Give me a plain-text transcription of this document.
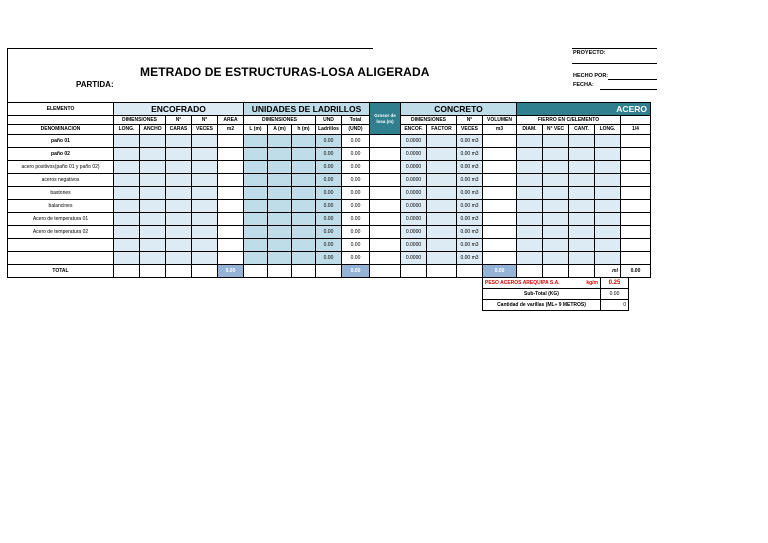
METRADO DE ESTRUCTURAS-LOSA ALIGERADA
PARTIDA:
PROYECTO:
HECHO POR:
FECHA:
ELEMENTO	ENCOFRADO					UNIDADES DE LADRILLOS					Grosor de losa (m)	CONCRETO				ACERO				
	DIMENSIONES		N°	N°	AREA	DIMENSIONES			UND	Total		DIMENSIONES		N°	VOLUMEN	FIERRO EN C/ELEMENTO				
DENOMINACION	LONG.	ANCHO	CARAS	VECES	m2	L (m)	A (m)	h (m)	Ladrillos	(UND)		ENCOF.	FACTOR	VECES	m3	DIAM.	N° VEC	CANT.	LONG.	1/4
paño 01									0.00	0.00		0.0000		0.00 m3						
paño 02									0.00	0.00		0.0000		0.00 m3						
acero positivos(paño 01 y paño 02)									0.00	0.00		0.0000		0.00 m3						
aceros negativos									0.00	0.00		0.0000		0.00 m3						
bastones									0.00	0.00		0.0000		0.00 m3						
balancines									0.00	0.00		0.0000		0.00 m3						
Acero de temperatura 01									0.00	0.00		0.0000		0.00 m3						
Acero de temperatura 02									0.00	0.00		0.0000		0.00 m3						
									0.00	0.00		0.0000		0.00 m3						
									0.00	0.00		0.0000		0.00 m3						
TOTAL					0.00					0.00					0.00				ml	0.00
PESO ACEROS AREQUIPA S.A. kg/m	0.25
Sub-Total (KG)	0.00
Cantidad de varillas (ML÷ 9 METROS)	0
